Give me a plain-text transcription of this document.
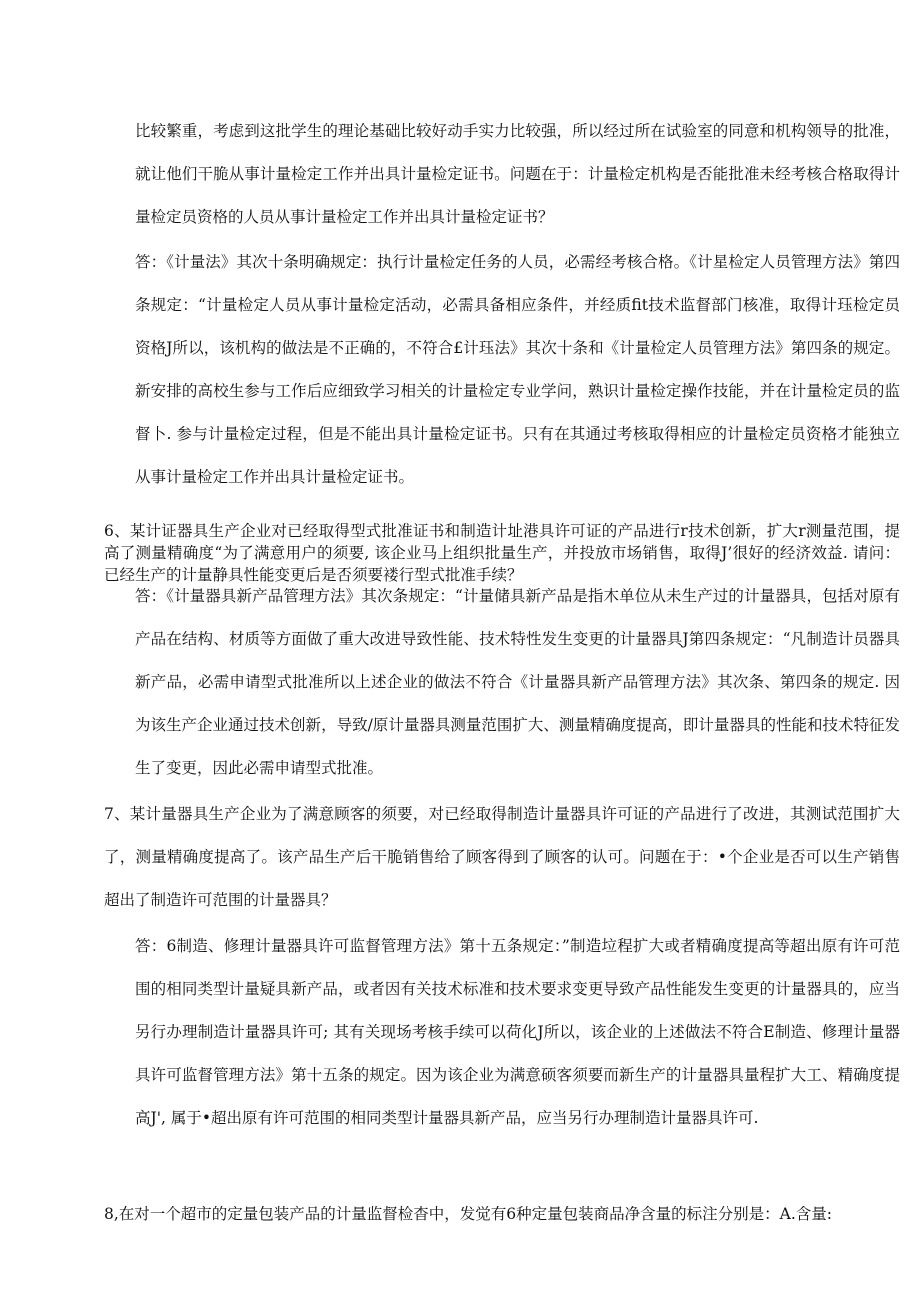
比较繁重，考虑到这批学生的理论基础比较好动手实力比较强，所以经过所在试验室的同意和机构领导的批准，就让他们干脆从事计量检定工作并出具计量检定证书。问题在于：计量检定机构是否能批准未经考核合格取得计量检定员资格的人员从事计量检定工作并出具计量检定证书？

答：《计量法》其次十条明确规定：执行计量检定任务的人员，必需经考核合格。《计星检定人员管理方法》第四条规定：“计量检定人员从事计量检定活动，必需具备相应条件，并经质fit技术监督部门核准，取得计珏检定员资格J所以，该机构的做法是不正确的，不符合£计珏法》其次十条和《计量检定人员管理方法》第四条的规定。新安排的高校生参与工作后应细致学习相关的计量检定专业学问，熟识计量检定操作技能，并在计量检定员的监督卜. 参与计量检定过程，但是不能出具计量检定证书。只有在其通过考核取得相应的计量检定员资格才能独立从事计量检定工作并出具计量检定证书。

6、某计证器具生产企业对已经取得型式批准证书和制造计址港具许可证的产品进行r技术创新，扩大r测量范围，提高了测量精确度“为了满意用户的须要, 该企业马上组织批量生产，并投放市场销售，取得J’很好的经济效益. 请问：已经生产的计量静具性能变更后是否须要褛行型式批准手续？

答：《计量器具新产品管理方法》其次条规定：“计量储具新产品是指木单位从未生产过的计量器具，包括对原有产品在结构、材质等方面做了重大改进导致性能、技术特性发生变更的计量器具J第四条规定：“凡制造计员器具新产品，必需申请型式批准所以上述企业的做法不符合《计量器具新产品管理方法》其次条、第四条的规定. 因为该生产企业通过技术创新，导致/原计量器具测量范围扩大、测量精确度提高，即计量器具的性能和技术特征发生了变更，因此必需申请型式批准。

7、某计量器具生产企业为了满意顾客的须要，对已经取得制造计量器具许可证的产品进行了改进，其测试范围扩大了，测量精确度提高了。该产品生产后干脆销售给了顾客得到了顾客的认可。问题在于：•个企业是否可以生产销售超出了制造许可范围的计量器具？

答：6制造、修理计量器具许可监督管理方法》第十五条规定：”制造垃程扩大或者精确度提高等超出原有许可范围的相同类型计量疑具新产品，或者因有关技术标准和技术要求变更导致产品性能发生变更的计量器具的，应当另行办理制造计量器具许可; 其有关现场考核手续可以荷化J所以，该企业的上述做法不符合E制造、修理计量器具许可监督管理方法》第十五条的规定。因为该企业为满意硕客须要而新生产的计量器具量程扩大工、精确度提高J', 属于•超出原有许可范围的相同类型计量器具新产品，应当另行办理制造计量器具许可.

8,在对一个超市的定量包装产品的计量监督检杳中，发觉有6种定量包装商品净含量的标注分别是：A.含量:
